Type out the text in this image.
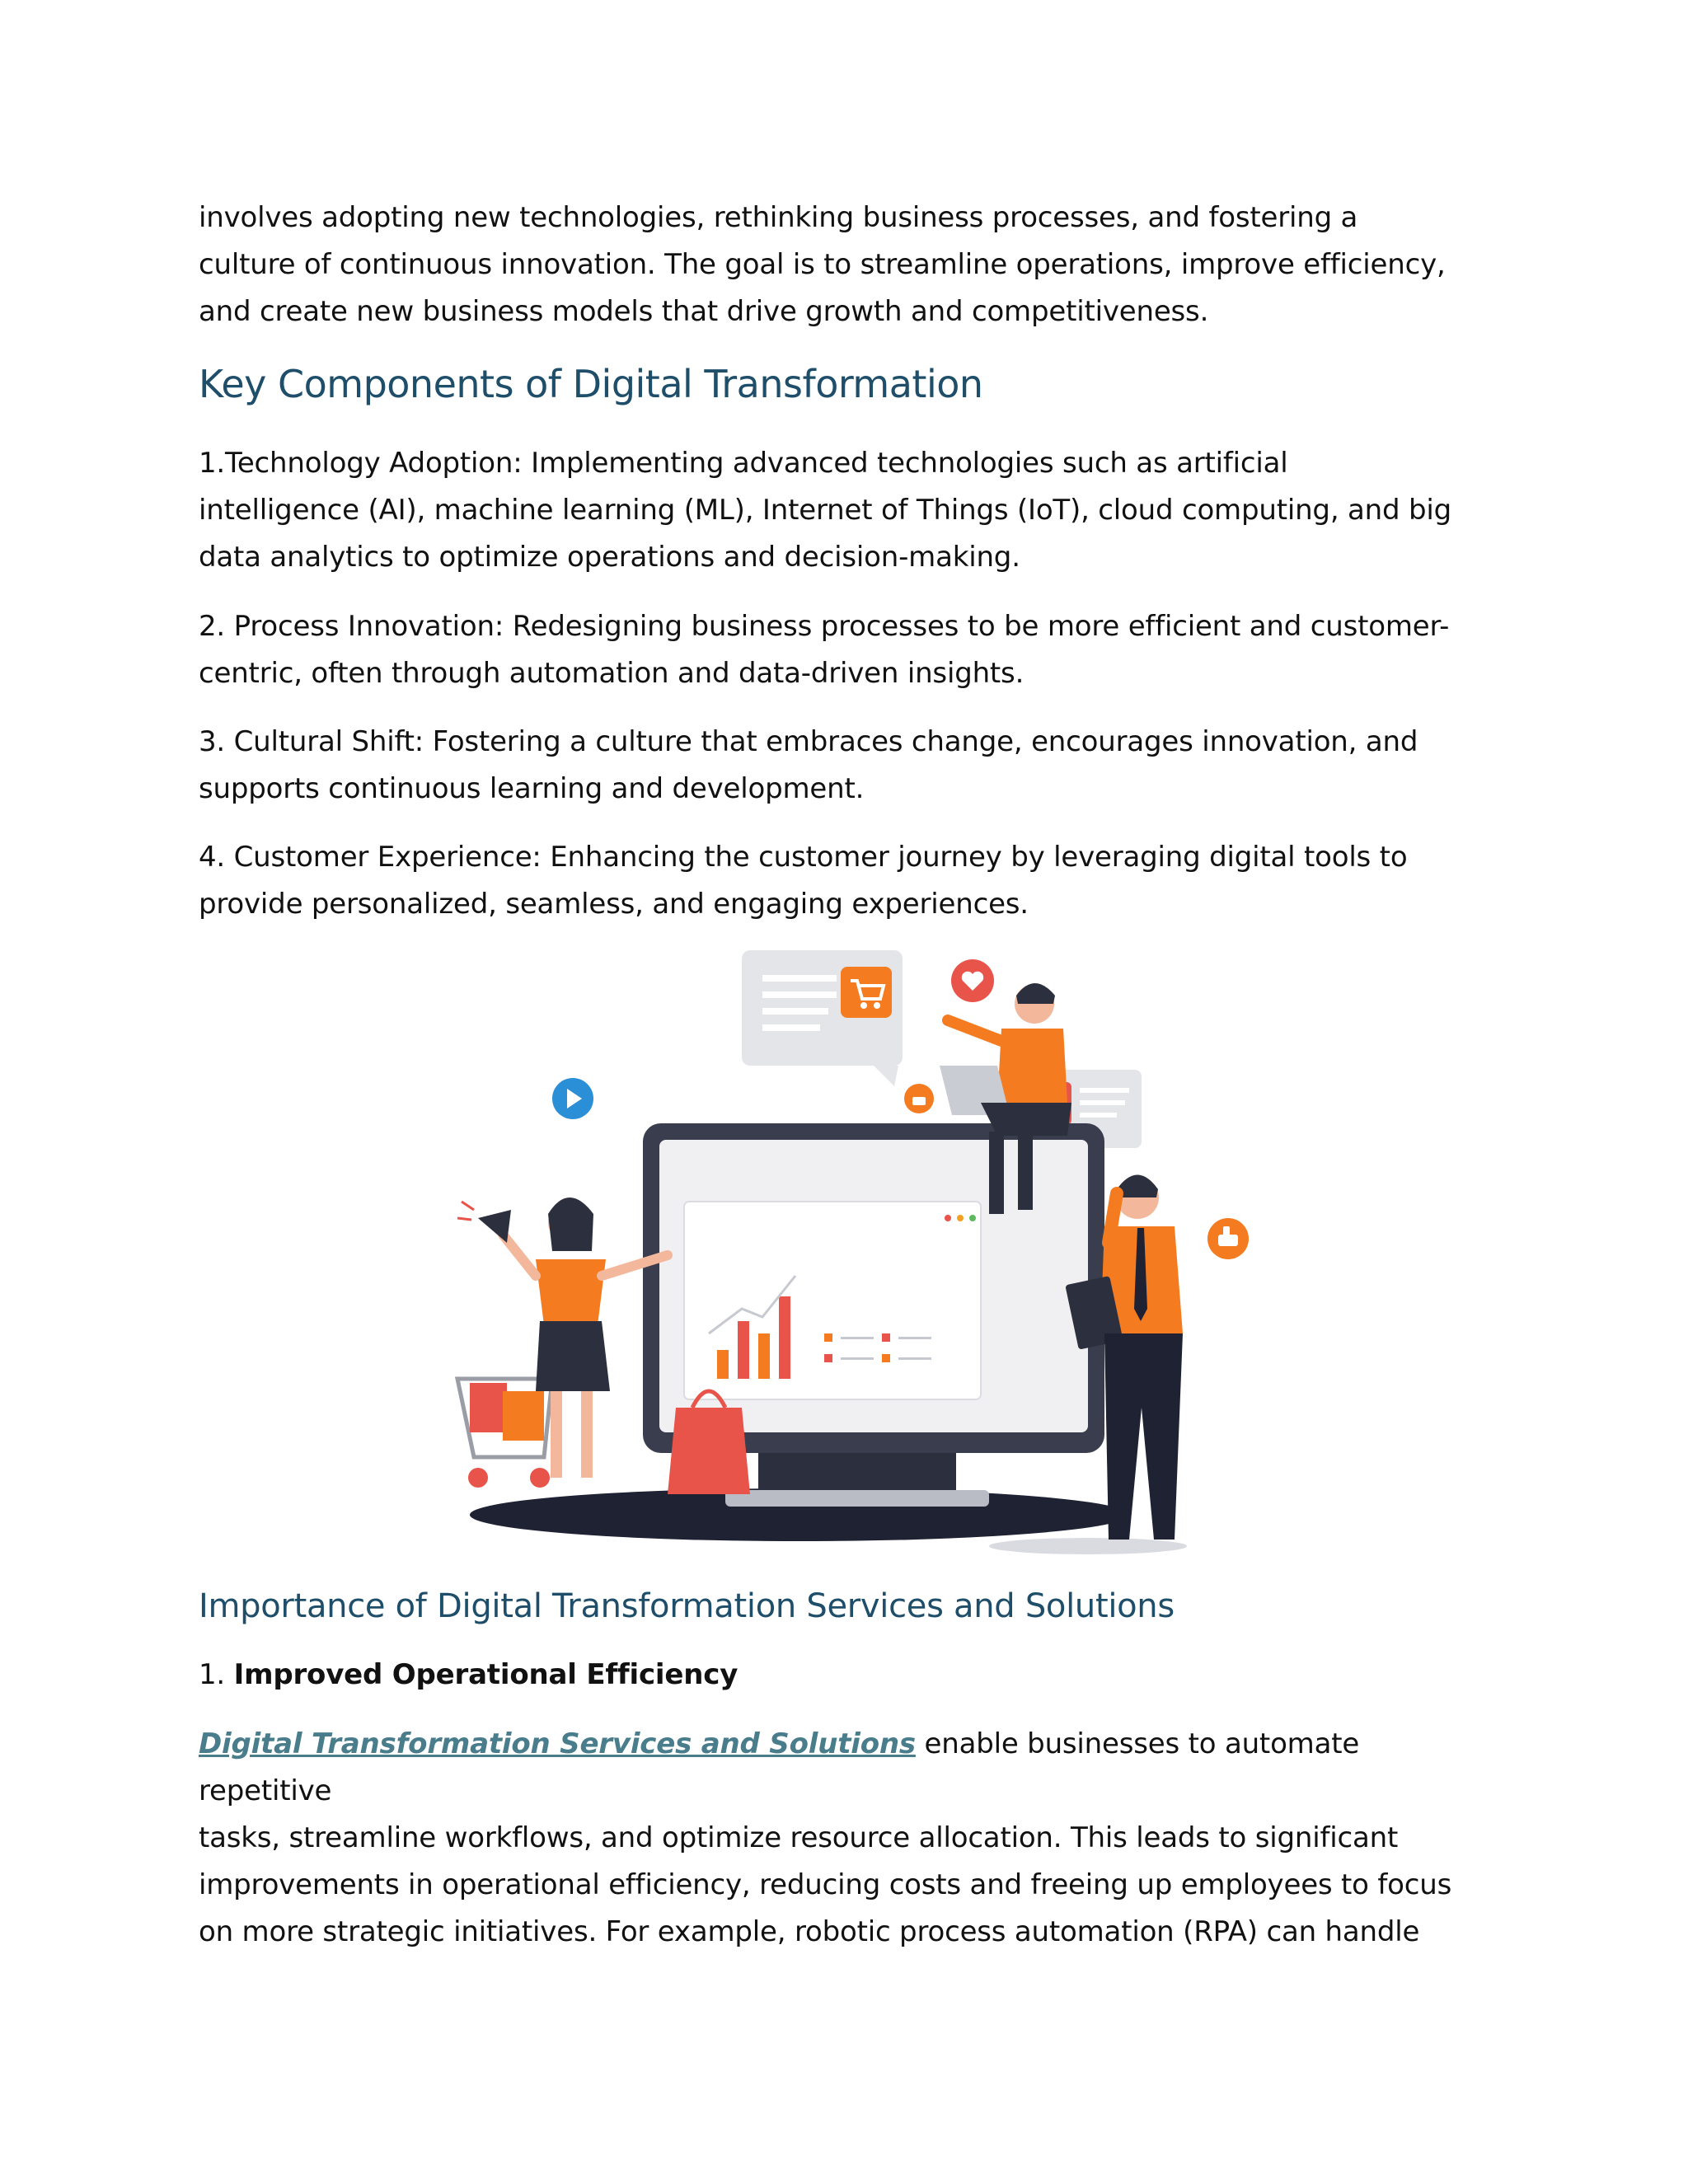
involves adopting new technologies, rethinking business processes, and fostering a

culture of continuous innovation. The goal is to streamline operations, improve efficiency,

and create new business models that drive growth and competitiveness.

Key Components of Digital Transformation

1.Technology Adoption: Implementing advanced technologies such as artificial

intelligence (AI), machine learning (ML), Internet of Things (IoT), cloud computing, and big

data analytics to optimize operations and decision-making.

2. Process Innovation: Redesigning business processes to be more efficient and customer-

centric, often through automation and data-driven insights.

3. Cultural Shift: Fostering a culture that embraces change, encourages innovation, and

supports continuous learning and development.

4. Customer Experience: Enhancing the customer journey by leveraging digital tools to

provide personalized, seamless, and engaging experiences.

Importance of Digital Transformation Services and Solutions

1. Improved Operational Efficiency

Digital Transformation Services and Solutions enable businesses to automate repetitive

tasks, streamline workflows, and optimize resource allocation. This leads to significant

improvements in operational efficiency, reducing costs and freeing up employees to focus

on more strategic initiatives. For example, robotic process automation (RPA) can handle
